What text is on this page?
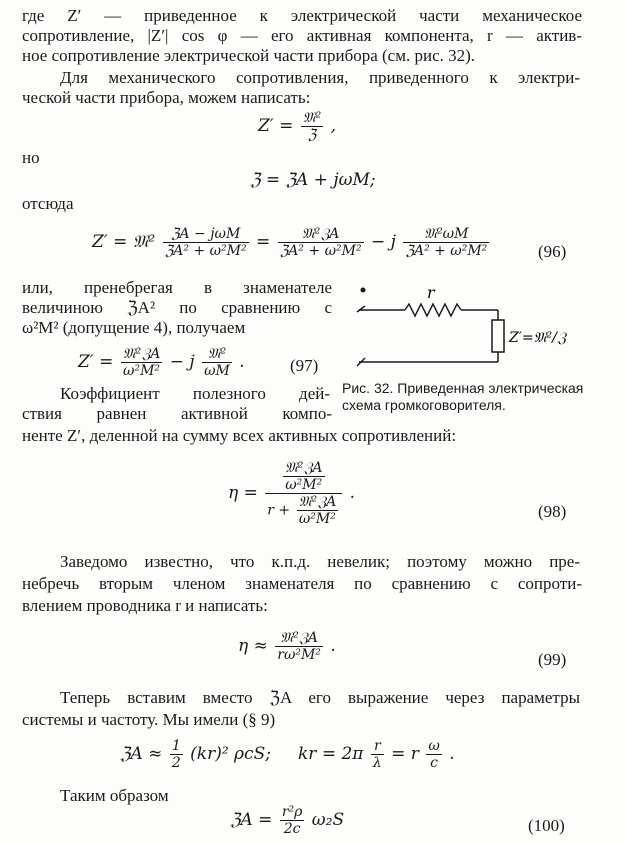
где Z′ — приведенное к электрической части механическое
сопротивление, |Z′| cos φ — его активная компонента, r — актив-
ное сопротивление электрической части прибора (см. рис. 32).
Для механического сопротивления, приведенного к электри-
ческой части прибора, можем написать:
$Z' = \frac{\text{𝔐²}}{\text{ℨ}}$ ,
но
ℨ = ℨA + jωM;
отсюда
Z′ = 𝔐² $\frac{\text{ℨA − jωM}}{\text{ℨA² + ω²M²}} = \frac{\text{𝔐²ℨA}}{\text{ℨA² + ω²M²}} - j \frac{\text{𝔐²ωM}}{\text{ℨA² + ω²M²}}$	(96)
или, пренебрегая в знаменателе
величиною ℨA² по сравнению с
ω²M² (допущение 4), получаем
$Z' = \frac{\text{𝔐²ℨA}}{\text{ω²M²}} - j \frac{\text{𝔐²}}{\omega M}$ .	(97)
r
Z′=𝔐²/ℨ
Рис. 32. Приведенная электрическая схема громкоговорителя.
Коэффициент полезного дей-
ствия равнен активной компо-
ненте Z′, деленной на сумму всех активных сопротивлений:
$\eta = \frac{\frac{\text{𝔐²ℨA}}{\text{ω²M²}}}{r + \frac{\text{𝔐²ℨA}}{\text{ω²M²}}}$ .
(98)
Заведомо известно, что к.п.д. невелик; поэтому можно пре-
небречь вторым членом знаменателя по сравнению с сопроти-
влением проводника r и написать:
$\eta \approx \frac{\text{𝔐²ℨA}}{\text{rω²M²}}$ .
(99)
Теперь вставим вместо ℨA его выражение через параметры
системы и частоту. Мы имели (§ 9)
ℨA ≈ $\frac{1}{2} (kr)^2$ ρcS; kr = $2\pi \frac{r}{\lambda} = r \frac{\omega}{c}$ .
Таким образом
ℨA = $\frac{\text{r²ρ}}{2c} \omega_2S$	(100)
